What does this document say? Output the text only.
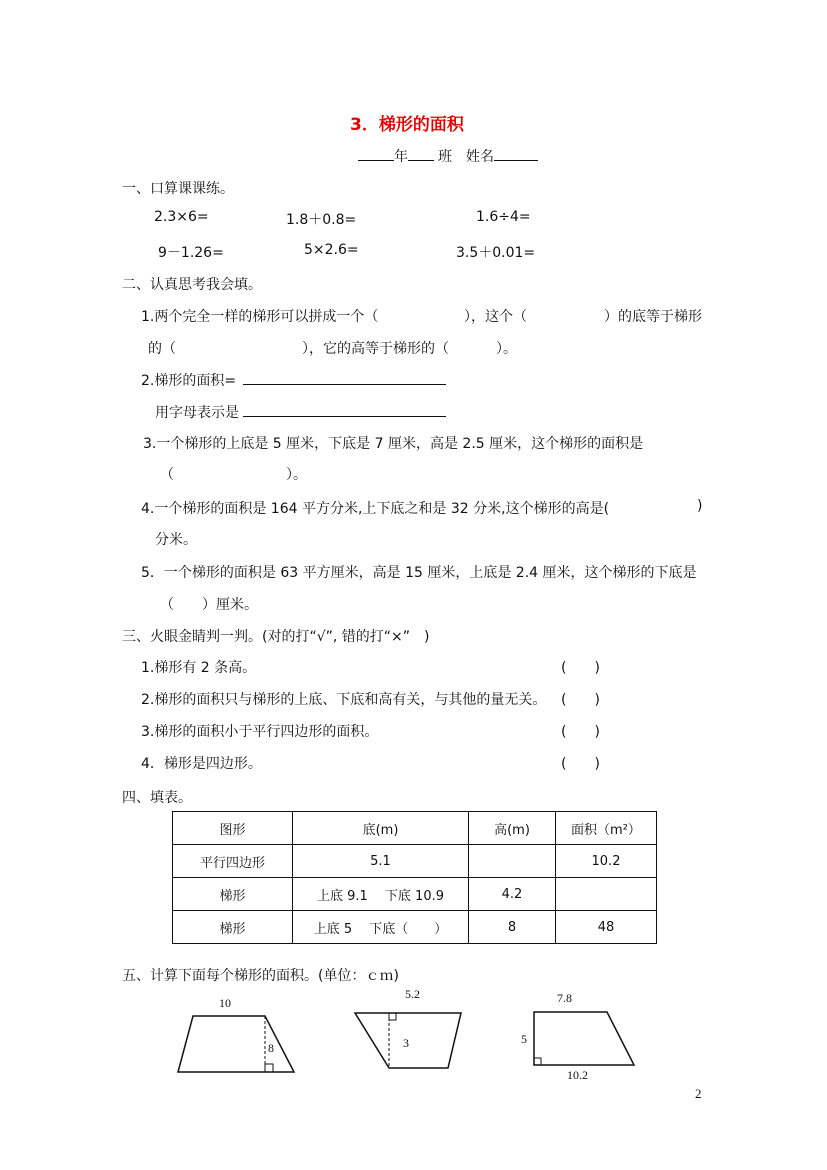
3．梯形的面积
年 班 姓名
一、口算课课练。
2.3×6=	1.8＋0.8=	1.6÷4=
9－1.26=	5×2.6=	3.5＋0.01=
二、认真思考我会填。
1.两个完全一样的梯形可以拼成一个（	），这个（	）的底等于梯形
的（	），它的高等于梯形的（	）。
2.梯形的面积=
用字母表示是
3.一个梯形的上底是 5 厘米，下底是 7 厘米，高是 2.5 厘米，这个梯形的面积是
（	）。
4.一个梯形的面积是 164 平方分米,上下底之和是 32 分米,这个梯形的高是(	)
分米。
5．一个梯形的面积是 63 平方厘米，高是 15 厘米，上底是 2.4 厘米，这个梯形的下底是
（　　）厘米。
三、火眼金睛判一判。(对的打“√”, 错的打“×”　)
1.梯形有 2 条高。	(　　)
2.梯形的面积只与梯形的上底、下底和高有关，与其他的量无关。 (　　)
3.梯形的面积小于平行四边形的面积。	(　　)
4．梯形是四边形。	(　　)
四、填表。
图形	底(m)	高(m)	面积（m²）
平行四边形	5.1		10.2
梯形	上底 9.1　 下底 10.9	4.2	
梯形	上底 5　 下底（　　）	8	48
五、计算下面每个梯形的面积。(单位：ｃｍ)
10
8
5.2
3
7.8
5
10.2
2
